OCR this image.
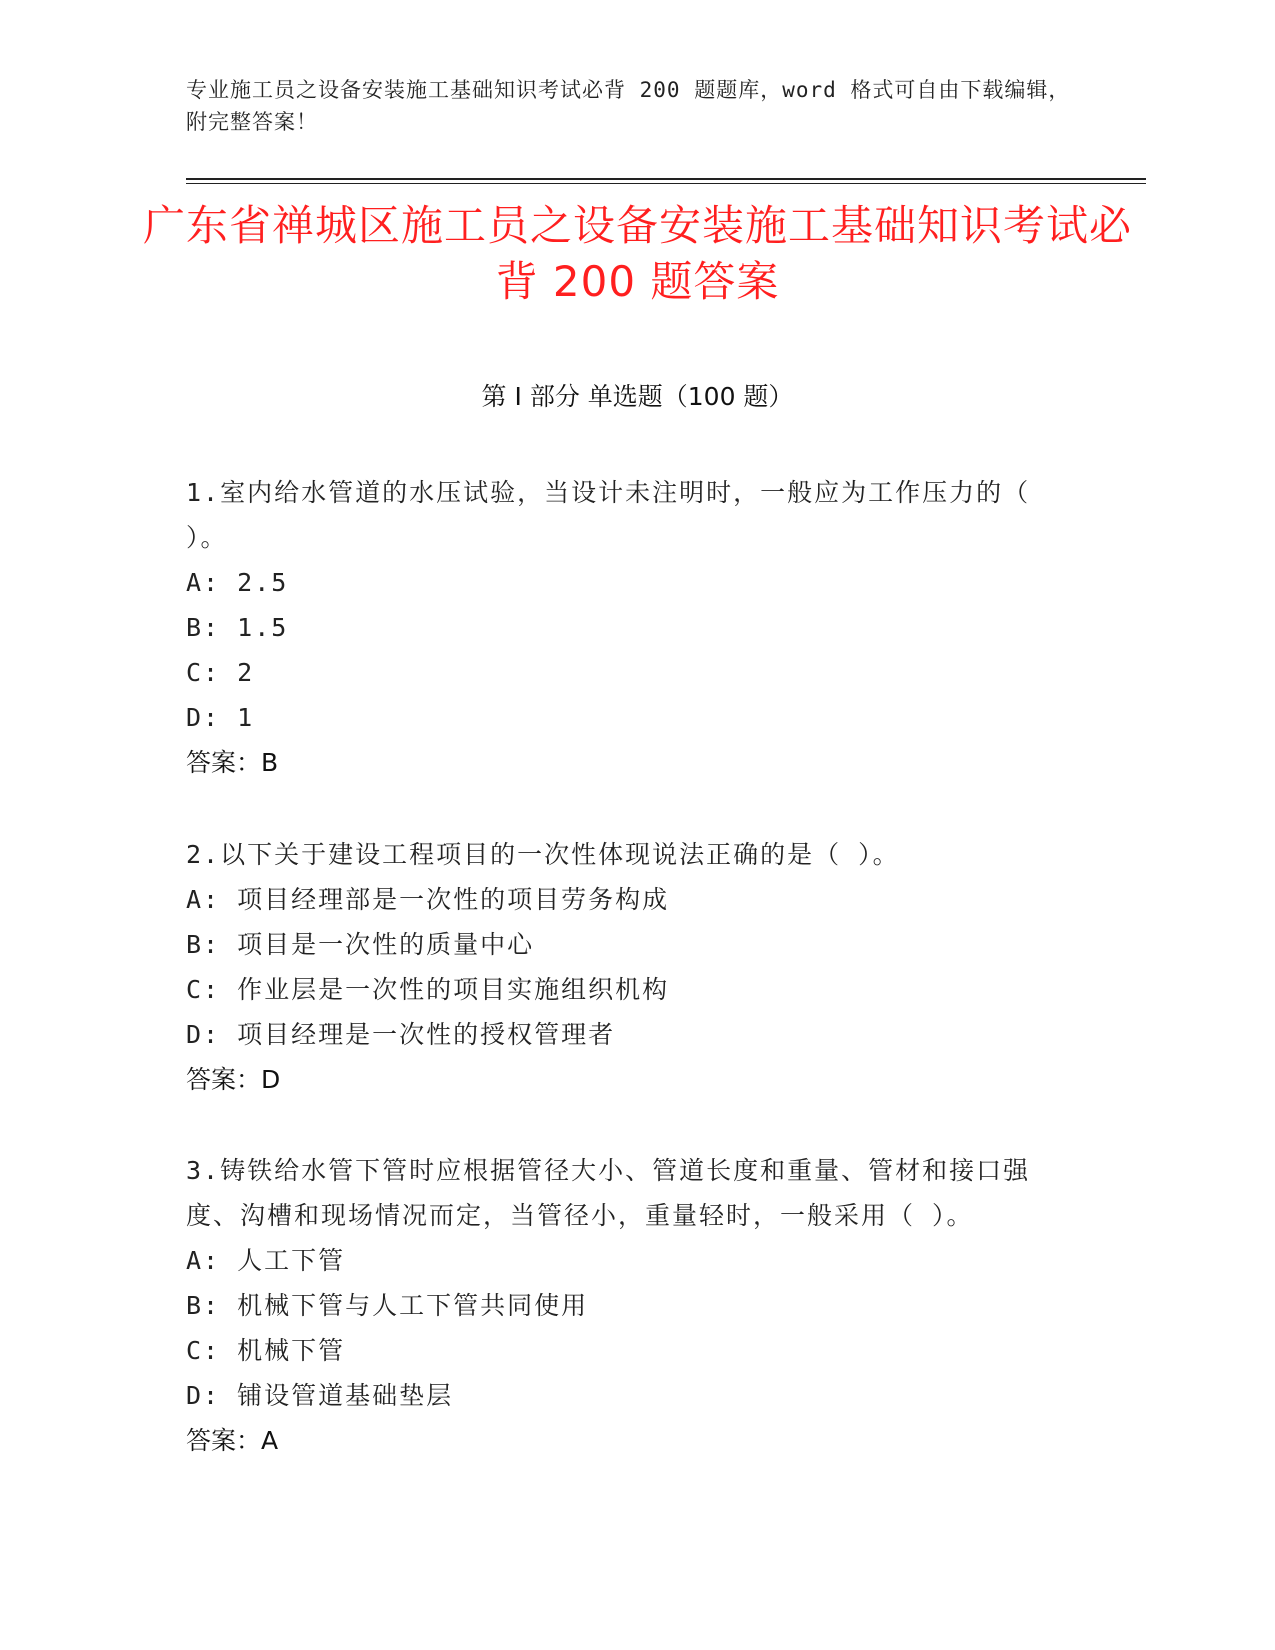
专业施工员之设备安装施工基础知识考试必背 200 题题库，word 格式可自由下载编辑，附完整答案！
广东省禅城区施工员之设备安装施工基础知识考试必背 200 题答案
第 I 部分 单选题（100 题）
1.室内给水管道的水压试验，当设计未注明时，一般应为工作压力的（ ）。
A: 2.5
B: 1.5
C: 2
D: 1
答案：B
2.以下关于建设工程项目的一次性体现说法正确的是（ ）。
A: 项目经理部是一次性的项目劳务构成
B: 项目是一次性的质量中心
C: 作业层是一次性的项目实施组织机构
D: 项目经理是一次性的授权管理者
答案：D
3.铸铁给水管下管时应根据管径大小、管道长度和重量、管材和接口强度、沟槽和现场情况而定，当管径小，重量轻时，一般采用（ ）。
A: 人工下管
B: 机械下管与人工下管共同使用
C: 机械下管
D: 铺设管道基础垫层
答案：A
